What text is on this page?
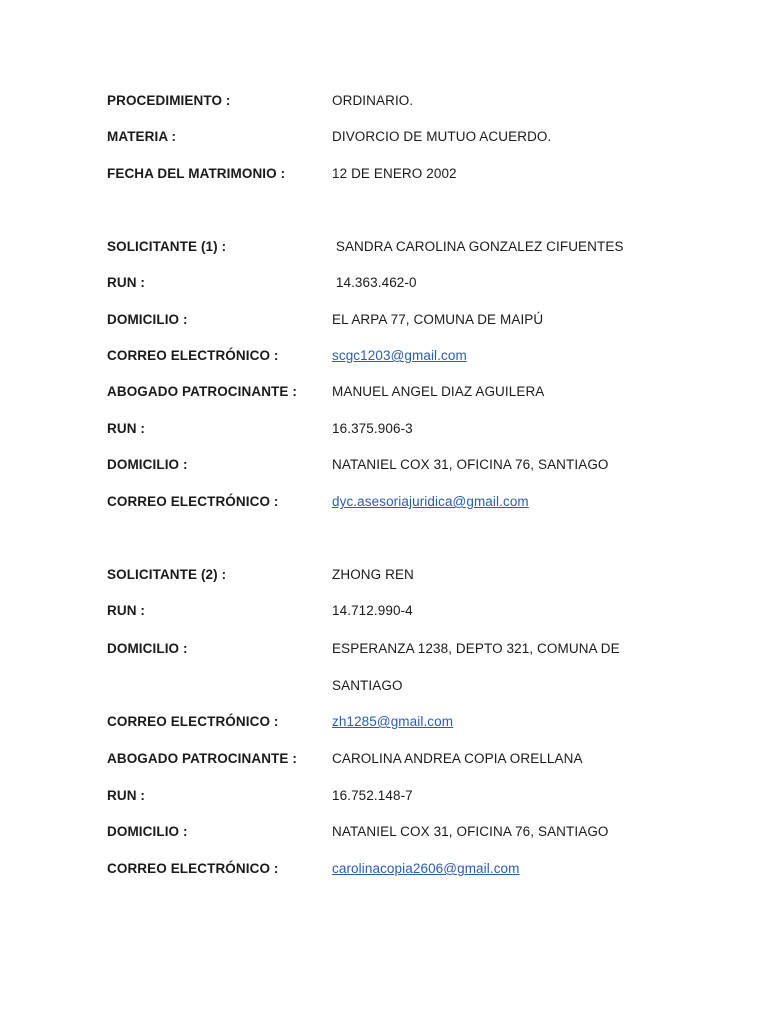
PROCEDIMIENTO :	ORDINARIO.
MATERIA :	DIVORCIO DE MUTUO ACUERDO.
FECHA DEL MATRIMONIO :	12 DE ENERO 2002
SOLICITANTE (1) :	SANDRA CAROLINA GONZALEZ CIFUENTES
RUN :	14.363.462-0
DOMICILIO :	EL ARPA 77, COMUNA DE MAIPÚ
CORREO ELECTRÓNICO :	scgc1203@gmail.com
ABOGADO PATROCINANTE :	MANUEL ANGEL DIAZ AGUILERA
RUN :	16.375.906-3
DOMICILIO :	NATANIEL COX 31, OFICINA 76, SANTIAGO
CORREO ELECTRÓNICO :	dyc.asesoriajuridica@gmail.com
SOLICITANTE (2) :	ZHONG REN
RUN :	14.712.990-4
DOMICILIO :	ESPERANZA 1238, DEPTO 321, COMUNA DE
SANTIAGO
CORREO ELECTRÓNICO :	zh1285@gmail.com
ABOGADO PATROCINANTE :	CAROLINA ANDREA COPIA ORELLANA
RUN :	16.752.148-7
DOMICILIO :	NATANIEL COX 31, OFICINA 76, SANTIAGO
CORREO ELECTRÓNICO :	carolinacopia2606@gmail.com
